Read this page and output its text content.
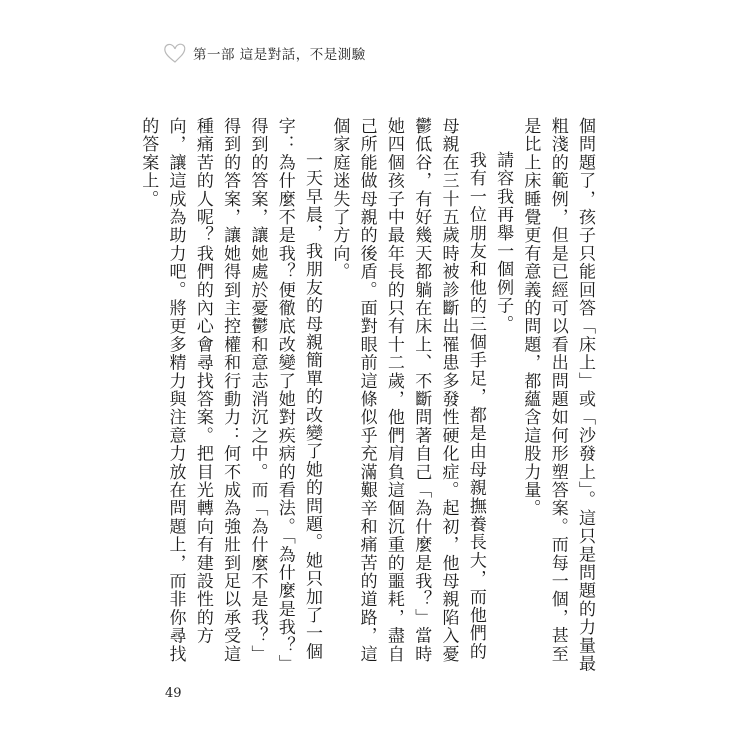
第一部 這是對話，不是測驗

個問題了，孩子只能回答「床上」或「沙發上」。這只是問題的力量最粗淺的範例，但是已經可以看出問題如何形塑答案。而每一個，甚至是比上床睡覺更有意義的問題，都蘊含這股力量。

請容我再舉一個例子。

我有一位朋友和他的三個手足，都是由母親撫養長大，而他們的母親在三十五歲時被診斷出罹患多發性硬化症。起初，他母親陷入憂鬱低谷，有好幾天都躺在床上、不斷問著自己「為什麼是我？」當時她四個孩子中最年長的只有十二歲，他們肩負這個沉重的噩耗，盡自己所能做母親的後盾。面對眼前這條似乎充滿艱辛和痛苦的道路，這個家庭迷失了方向。

一天早晨，我朋友的母親簡單的改變了她的問題。她只加了一個字：為什麼不是我？便徹底改變了她對疾病的看法。「為什麼是我？」得到的答案，讓她處於憂鬱和意志消沉之中。而「為什麼不是我？」得到的答案，讓她得到主控權和行動力：何不成為強壯到足以承受這種痛苦的人呢？我們的內心會尋找答案。把目光轉向有建設性的方向，讓這成為助力吧。將更多精力與注意力放在問題上，而非你尋找的答案上。

49
